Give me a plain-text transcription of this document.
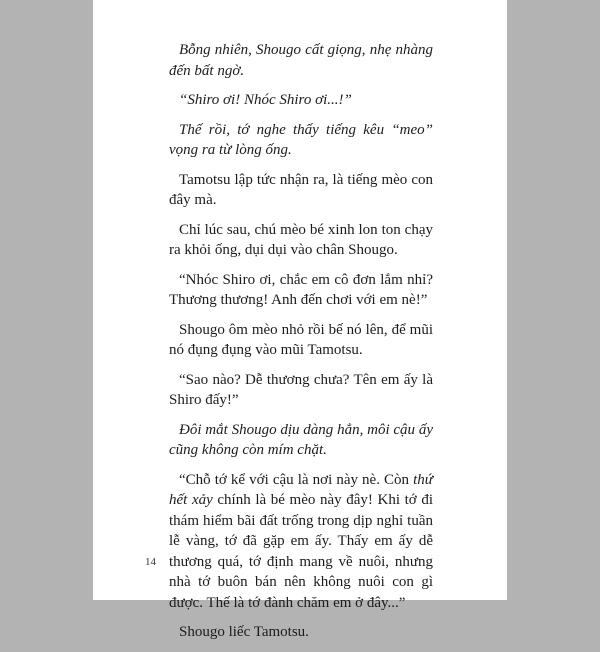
Bỗng nhiên, Shougo cất giọng, nhẹ nhàng đến bất ngờ.

“Shiro ơi! Nhóc Shiro ơi...!”

Thế rồi, tớ nghe thấy tiếng kêu “meo” vọng ra từ lòng ống.

Tamotsu lập tức nhận ra, là tiếng mèo con đây mà.

Chỉ lúc sau, chú mèo bé xinh lon ton chạy ra khỏi ống, dụi dụi vào chân Shougo.

“Nhóc Shiro ơi, chắc em cô đơn lắm nhỉ? Thương thương! Anh đến chơi với em nè!”

Shougo ôm mèo nhỏ rồi bế nó lên, để mũi nó đụng đụng vào mũi Tamotsu.

“Sao nào? Dễ thương chưa? Tên em ấy là Shiro đấy!”

Đôi mắt Shougo dịu dàng hẳn, môi cậu ấy cũng không còn mím chặt.

“Chỗ tớ kể với cậu là nơi này nè. Còn thứ hết xảy chính là bé mèo này đây! Khi tớ đi thám hiểm bãi đất trống trong dịp nghỉ tuần lễ vàng, tớ đã gặp em ấy. Thấy em ấy dễ thương quá, tớ định mang về nuôi, nhưng nhà tớ buôn bán nên không nuôi con gì được. Thế là tớ đành chăm em ở đây...”

Shougo liếc Tamotsu.

14
